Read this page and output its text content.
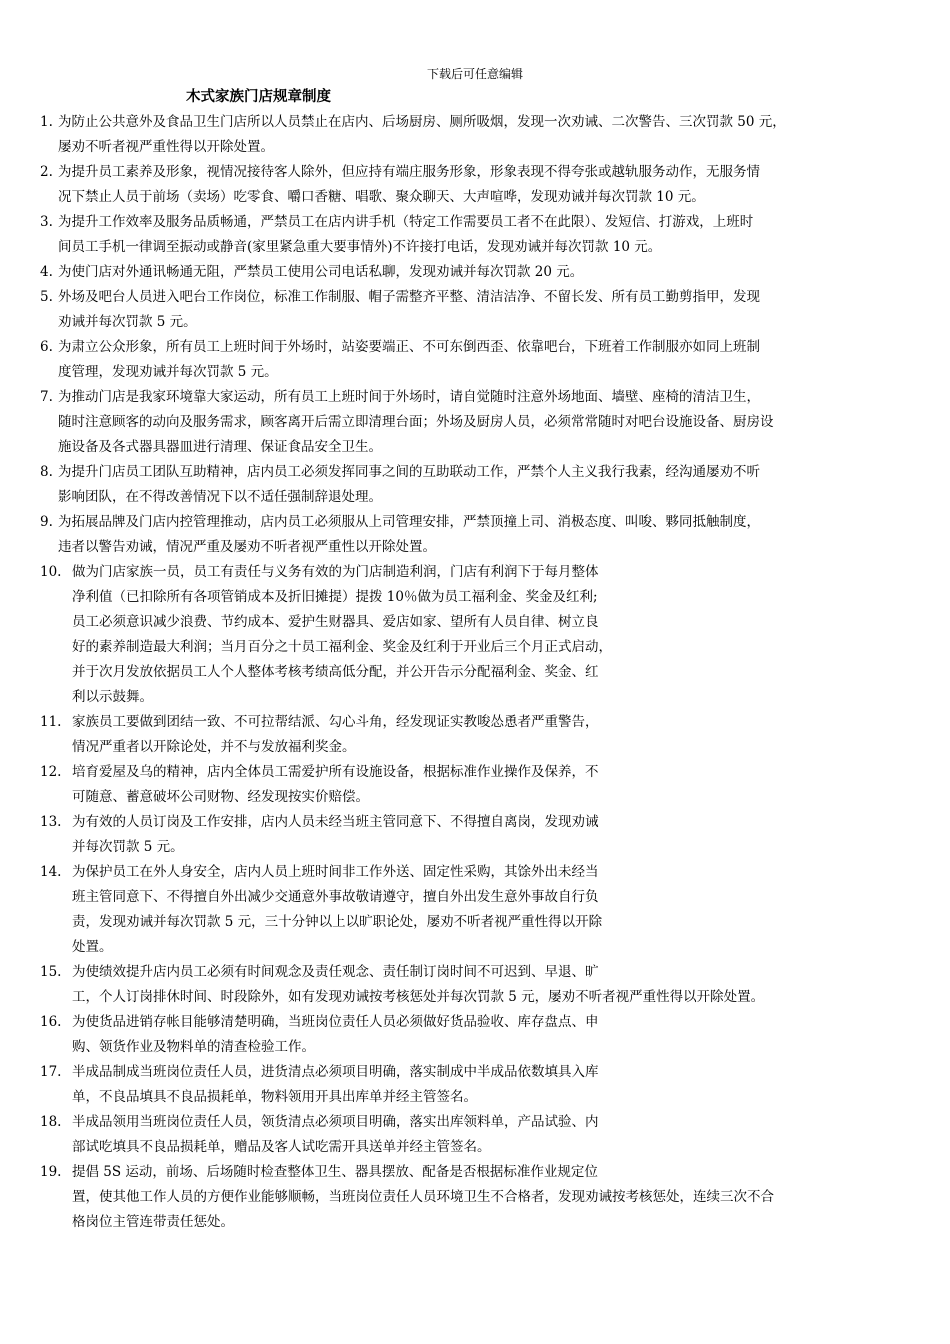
下载后可任意编辑
木式家族门店规章制度
1. 为防止公共意外及食品卫生门店所以人员禁止在店内、后场厨房、厕所吸烟，发现一次劝诫、二次警告、三次罚款 50 元，
屡劝不听者视严重性得以开除处置。
2. 为提升员工素养及形象，视情况接待客人除外，但应持有端庄服务形象，形象表现不得夸张或越轨服务动作，无服务情
况下禁止人员于前场（卖场）吃零食、嚼口香糖、唱歌、聚众聊天、大声喧哗，发现劝诫并每次罚款 10 元。
3. 为提升工作效率及服务品质畅通，严禁员工在店内讲手机（特定工作需要员工者不在此限）、发短信、打游戏，上班时
间员工手机一律调至振动或静音(家里紧急重大要事情外)不许接打电话，发现劝诫并每次罚款 10 元。
4. 为使门店对外通讯畅通无阻，严禁员工使用公司电话私聊，发现劝诫并每次罚款 20 元。
5. 外场及吧台人员进入吧台工作岗位，标准工作制服、帽子需整齐平整、清洁洁净、不留长发、所有员工勤剪指甲，发现
劝诫并每次罚款 5 元。
6. 为肃立公众形象，所有员工上班时间于外场时，站姿要端正、不可东倒西歪、依靠吧台，下班着工作制服亦如同上班制
度管理，发现劝诫并每次罚款 5 元。
7. 为推动门店是我家环境靠大家运动，所有员工上班时间于外场时，请自觉随时注意外场地面、墙壁、座椅的清洁卫生，
随时注意顾客的动向及服务需求，顾客离开后需立即清理台面；外场及厨房人员，必须常常随时对吧台设施设备、厨房设
施设备及各式器具器皿进行清理、保证食品安全卫生。
8. 为提升门店员工团队互助精神，店内员工必须发挥同事之间的互助联动工作，严禁个人主义我行我素，经沟通屡劝不听
影响团队，在不得改善情况下以不适任强制辞退处理。
9. 为拓展品牌及门店内控管理推动，店内员工必须服从上司管理安排，严禁顶撞上司、消极态度、叫唆、夥同抵触制度，
违者以警告劝诫，情况严重及屡劝不听者视严重性以开除处置。
10. 做为门店家族一员，员工有责任与义务有效的为门店制造利润，门店有利润下于每月整体
净利值（已扣除所有各项管销成本及折旧摊提）提拨 10％做为员工福利金、奖金及红利;
员工必须意识减少浪费、节约成本、爱护生财器具、爱店如家、望所有人员自律、树立良
好的素养制造最大利润；当月百分之十员工福利金、奖金及红利于开业后三个月正式启动，
并于次月发放依据员工人个人整体考核考绩高低分配，并公开告示分配福利金、奖金、红
利以示鼓舞。
11. 家族员工要做到团结一致、不可拉帮结派、勾心斗角，经发现证实教唆怂恿者严重警告，
情况严重者以开除论处，并不与发放福利奖金。
12. 培育爱屋及乌的精神，店内全体员工需爱护所有设施设备，根据标准作业操作及保养，不
可随意、蓄意破坏公司财物、经发现按实价赔偿。
13. 为有效的人员订岗及工作安排，店内人员未经当班主管同意下、不得擅自离岗，发现劝诫
并每次罚款 5 元。
14. 为保护员工在外人身安全，店内人员上班时间非工作外送、固定性采购，其馀外出未经当
班主管同意下、不得擅自外出减少交通意外事故敬请遵守，擅自外出发生意外事故自行负
责，发现劝诫并每次罚款 5 元，三十分钟以上以旷职论处，屡劝不听者视严重性得以开除
处置。
15. 为使绩效提升店内员工必须有时间观念及责任观念、责任制订岗时间不可迟到、早退、旷
工，个人订岗排休时间、时段除外，如有发现劝诫按考核惩处并每次罚款 5 元，屡劝不听者视严重性得以开除处置。
16. 为使货品进销存帐目能够清楚明确，当班岗位责任人员必须做好货品验收、库存盘点、申
购、领货作业及物料单的清查检验工作。
17. 半成品制成当班岗位责任人员，进货清点必须项目明确，落实制成中半成品依数填具入库
单，不良品填具不良品损耗单，物料领用开具出库单并经主管签名。
18. 半成品领用当班岗位责任人员，领货清点必须项目明确，落实出库领料单，产品试验、内
部试吃填具不良品损耗单，赠品及客人试吃需开具送单并经主管签名。
19. 提倡 5S 运动，前场、后场随时检查整体卫生、器具摆放、配备是否根据标准作业规定位
置，使其他工作人员的方便作业能够顺畅，当班岗位责任人员环境卫生不合格者，发现劝诫按考核惩处，连续三次不合
格岗位主管连带责任惩处。
